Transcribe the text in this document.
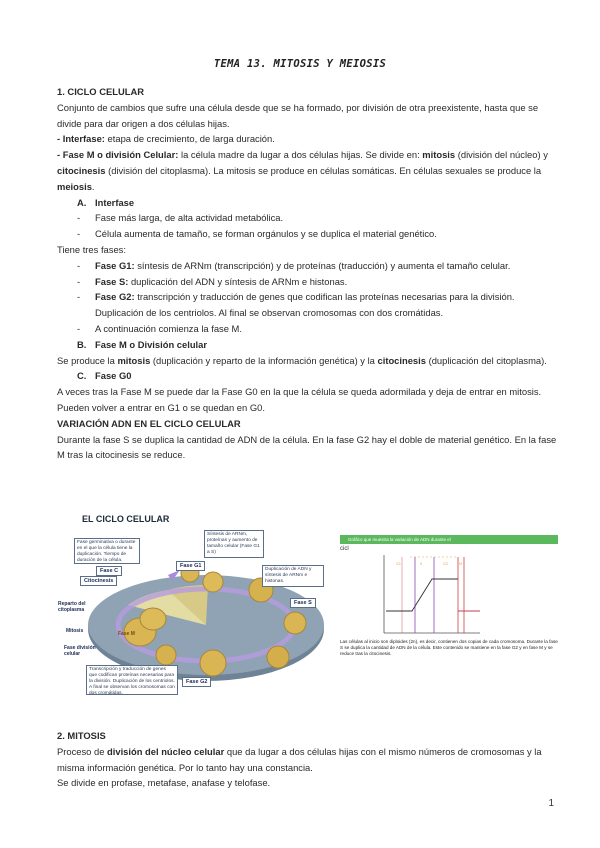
TEMA 13. MITOSIS Y MEIOSIS

1. CICLO CELULAR

Conjunto de cambios que sufre una célula desde que se ha formado, por división de otra preexistente, hasta que se divide para dar origen a dos células hijas.

- Interfase: etapa de crecimiento, de larga duración.

- Fase M o división Celular: la célula madre da lugar a dos células hijas. Se divide en: mitosis (división del núcleo) y citocinesis (división del citoplasma). La mitosis se produce en células somáticas. En células sexuales se produce la meiosis.

A. Interfase

- Fase más larga, de alta actividad metabólica.
- Célula aumenta de tamaño, se forman orgánulos y se duplica el material genético.

Tiene tres fases:

- Fase G1: síntesis de ARNm (transcripción) y de proteínas (traducción) y aumenta el tamaño celular.
- Fase S: duplicación del ADN y síntesis de ARNm e histonas.
- Fase G2: transcripción y traducción de genes que codifican las proteínas necesarias para la división. Duplicación de los centriolos. Al final se observan cromosomas con dos cromátidas.
- A continuación comienza la fase M.

B. Fase M o División celular

Se produce la mitosis (duplicación y reparto de la información genética) y la citocinesis (duplicación del citoplasma).

C. Fase G0

A veces tras la Fase M se puede dar la Fase G0 en la que la célula se queda adormilada y deja de entrar en mitosis. Pueden volver a entrar en G1 o se quedan en G0.

VARIACIÓN ADN EN EL CICLO CELULAR

Durante la fase S se duplica la cantidad de ADN de la célula. En la fase G2 hay el doble de material genético. En la fase M tras la citocinesis se reduce.

EL CICLO CELULAR
Fase germinativa o durante en el que la célula tiene la duplicación. Tiempo de duración de la célula.
Síntesis de ARNm, proteínas y aumento de tamaño celular (Fase G1 a S)
Duplicación de ADN y síntesis de ARNm e histonas.
Transcripción y traducción de genes que codifican proteínas necesarias para la división. Duplicación de los centriolos. A final se observan los cromosomas con dos cromátidas.
Fase C
Fase G1
Fase S
Fase G2
Citocinesis
Reparto del citoplasma
Mitosis	Fase M
Fase división celular
Gráfico que muestra la variación de ADN durante el
cicl
G1	S	G2	M
Las células al inicio son diploides (2n), es decir, contienen dos copias de cada cromosoma. Durante la fase S se duplica la cantidad de ADN de la célula. Este contenido se mantiene en la fase G2 y en fase M y se reduce tras la citocinesis.

2. MITOSIS

Proceso de división del núcleo celular que da lugar a dos células hijas con el mismo números de cromosomas y la misma información genética. Por lo tanto hay una constancia.

Se divide en profase, metafase, anafase y telofase.

1
